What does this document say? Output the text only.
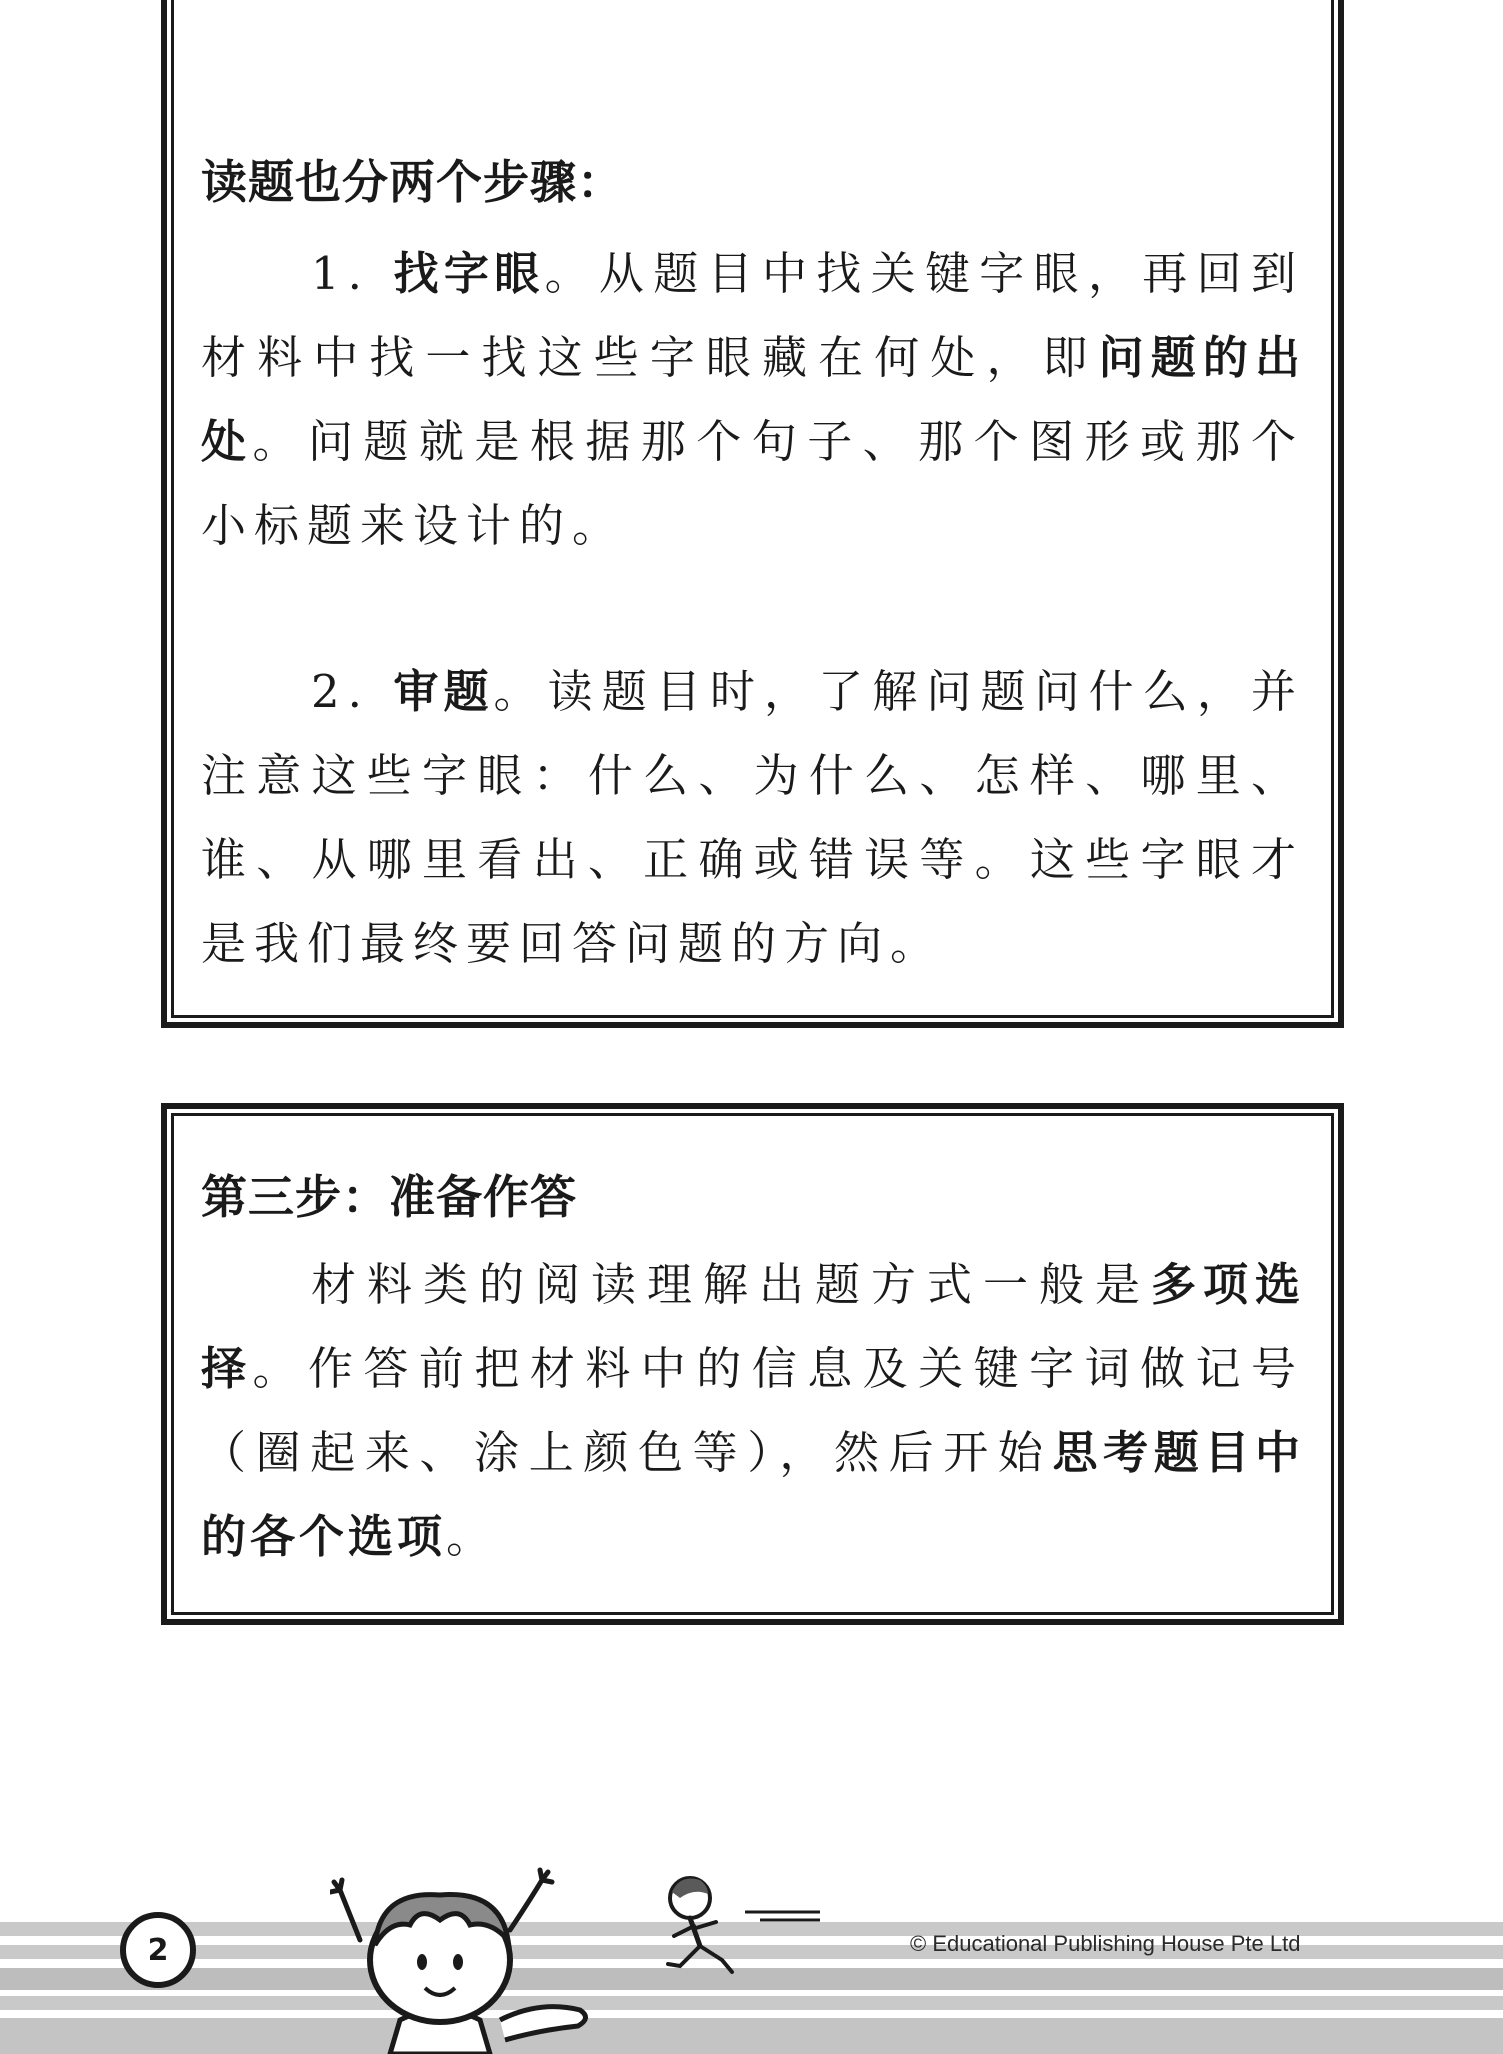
读题也分两个步骤：

1. 找字眼。从题目中找关键字眼，再回到材料中找一找这些字眼藏在何处，即问题的出处。问题就是根据那个句子、那个图形或那个小标题来设计的。

2. 审题。读题目时，了解问题问什么，并注意这些字眼：什么、为什么、怎样、哪里、谁、从哪里看出、正确或错误等。这些字眼才是我们最终要回答问题的方向。

第三步：准备作答

材料类的阅读理解出题方式一般是多项选择。作答前把材料中的信息及关键字词做记号（圈起来、涂上颜色等），然后开始思考题目中的各个选项。

2	© Educational Publishing House Pte Ltd
